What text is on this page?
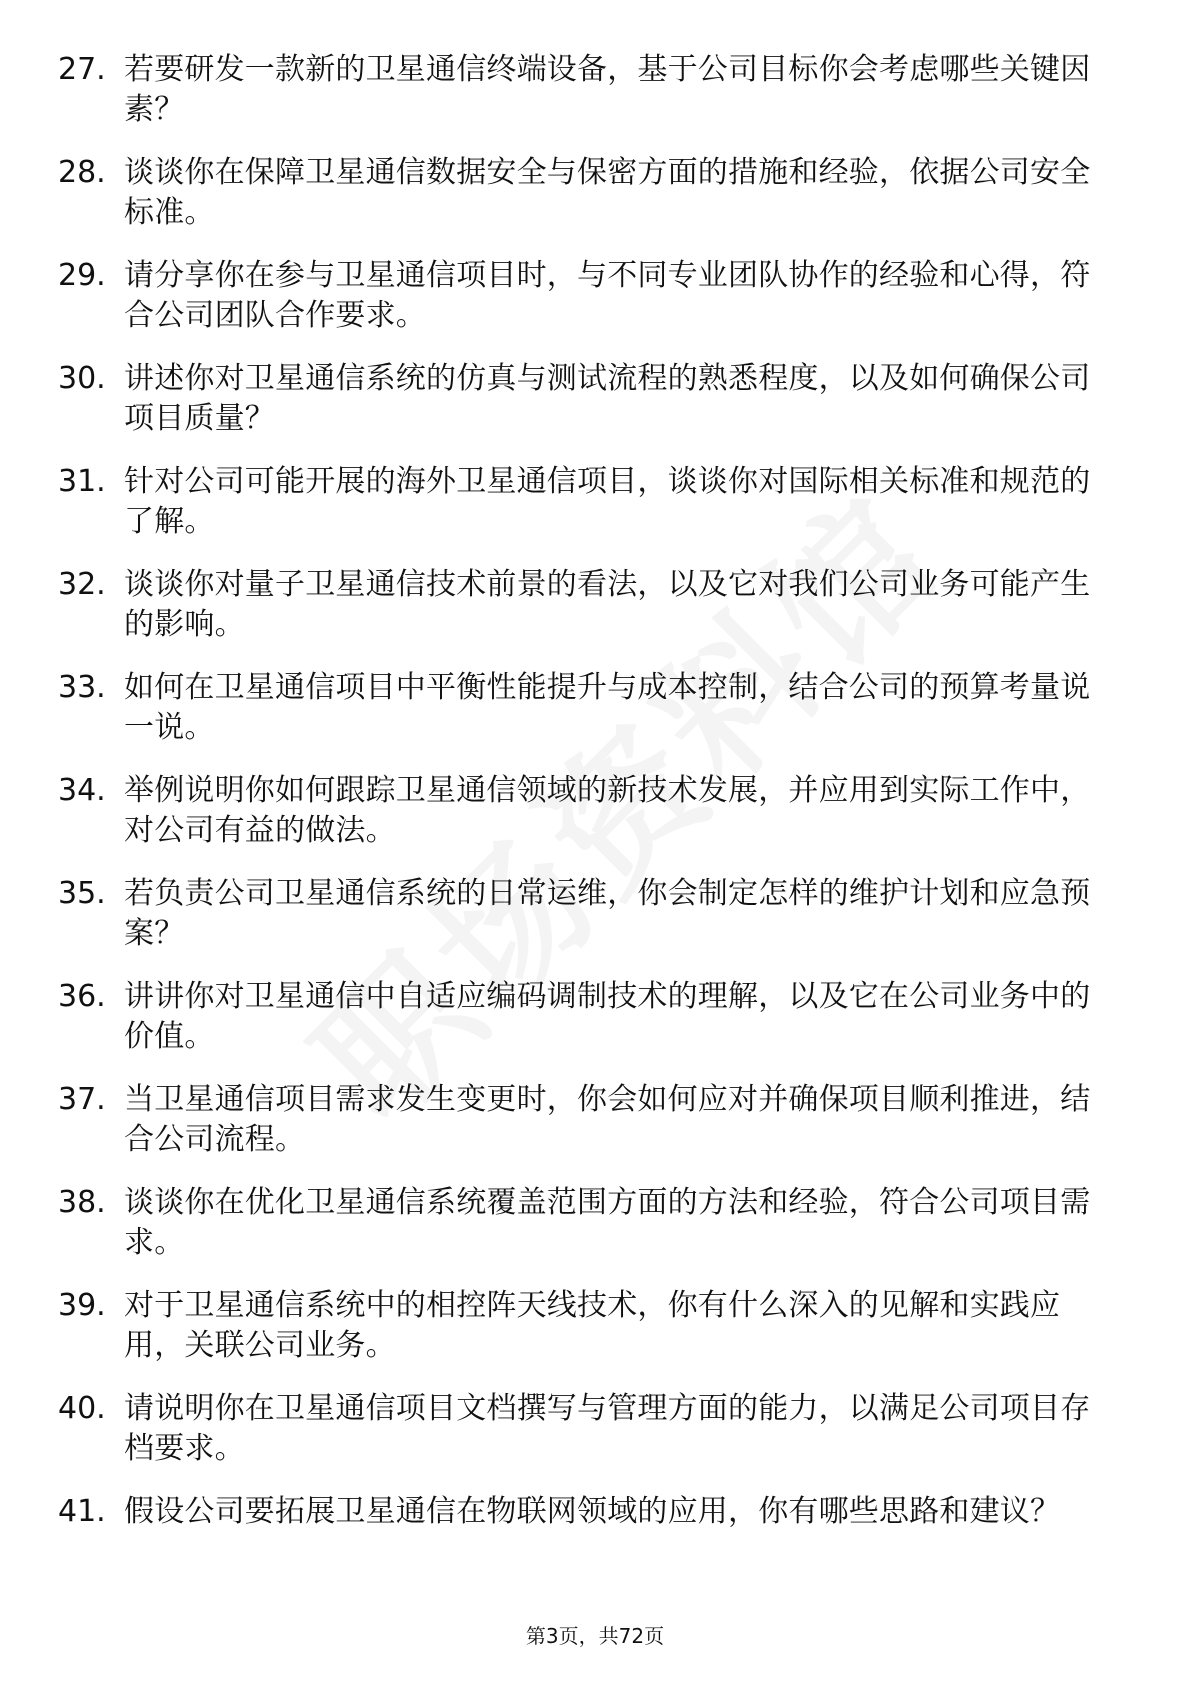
27. 若要研发一款新的卫星通信终端设备，基于公司目标你会考虑哪些关键因素？
28. 谈谈你在保障卫星通信数据安全与保密方面的措施和经验，依据公司安全标准。
29. 请分享你在参与卫星通信项目时，与不同专业团队协作的经验和心得，符合公司团队合作要求。
30. 讲述你对卫星通信系统的仿真与测试流程的熟悉程度，以及如何确保公司项目质量？
31. 针对公司可能开展的海外卫星通信项目，谈谈你对国际相关标准和规范的了解。
32. 谈谈你对量子卫星通信技术前景的看法，以及它对我们公司业务可能产生的影响。
33. 如何在卫星通信项目中平衡性能提升与成本控制，结合公司的预算考量说一说。
34. 举例说明你如何跟踪卫星通信领域的新技术发展，并应用到实际工作中，对公司有益的做法。
35. 若负责公司卫星通信系统的日常运维，你会制定怎样的维护计划和应急预案？
36. 讲讲你对卫星通信中自适应编码调制技术的理解，以及它在公司业务中的价值。
37. 当卫星通信项目需求发生变更时，你会如何应对并确保项目顺利推进，结合公司流程。
38. 谈谈你在优化卫星通信系统覆盖范围方面的方法和经验，符合公司项目需求。
39. 对于卫星通信系统中的相控阵天线技术，你有什么深入的见解和实践应用，关联公司业务。
40. 请说明你在卫星通信项目文档撰写与管理方面的能力，以满足公司项目存档要求。
41. 假设公司要拓展卫星通信在物联网领域的应用，你有哪些思路和建议？
第3页，共72页
